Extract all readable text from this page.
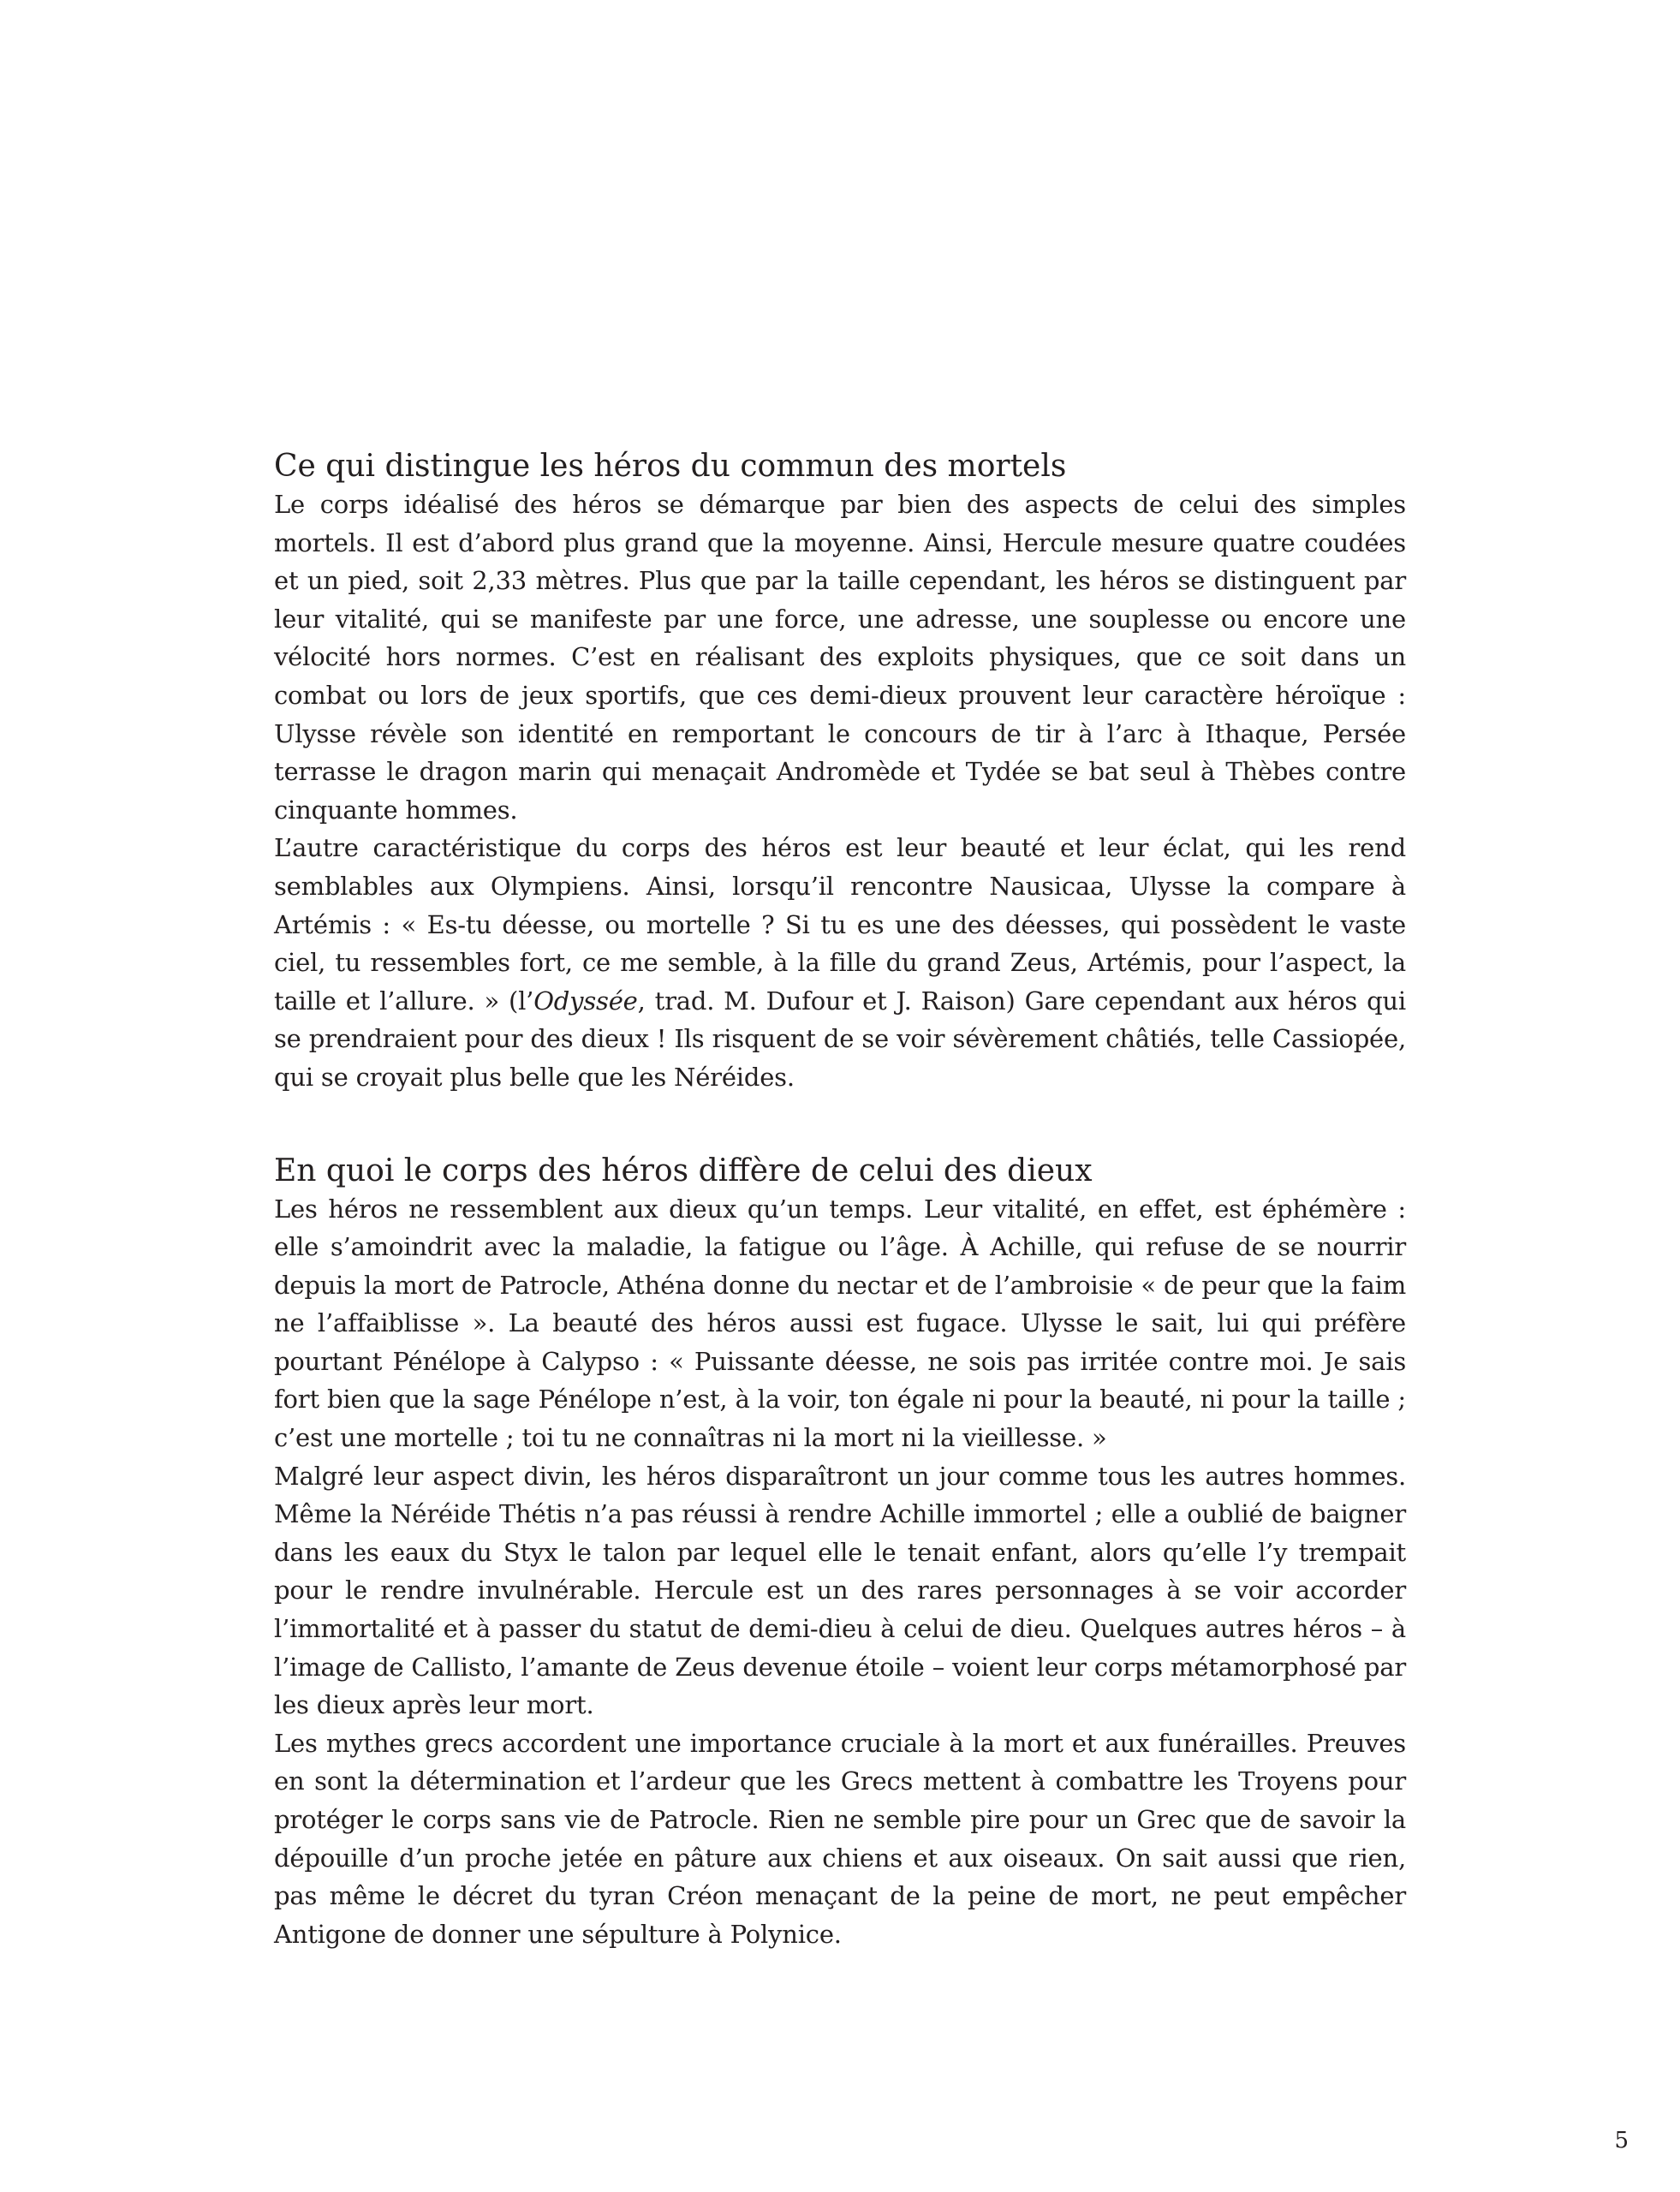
Ce qui distingue les héros du commun des mortels

Le corps idéalisé des héros se démarque par bien des aspects de celui des simples mortels. Il est d’abord plus grand que la moyenne. Ainsi, Hercule mesure quatre coudées et un pied, soit 2,33 mètres. Plus que par la taille cependant, les héros se distinguent par leur vitalité, qui se manifeste par une force, une adresse, une souplesse ou encore une vélocité hors normes. C’est en réalisant des exploits physiques, que ce soit dans un combat ou lors de jeux sportifs, que ces demi-dieux prouvent leur caractère héroïque : Ulysse révèle son identité en remportant le concours de tir à l’arc à Ithaque, Persée terrasse le dragon marin qui menaçait Andromède et Tydée se bat seul à Thèbes contre cinquante hommes.

L’autre caractéristique du corps des héros est leur beauté et leur éclat, qui les rend semblables aux Olympiens. Ainsi, lorsqu’il rencontre Nausicaa, Ulysse la compare à Artémis : « Es-tu déesse, ou mortelle ? Si tu es une des déesses, qui possèdent le vaste ciel, tu ressembles fort, ce me semble, à la fille du grand Zeus, Artémis, pour l’aspect, la taille et l’allure. » (l’Odyssée, trad. M. Dufour et J. Raison) Gare cependant aux héros qui se prendraient pour des dieux ! Ils risquent de se voir sévèrement châtiés, telle Cassiopée, qui se croyait plus belle que les Néréides.

En quoi le corps des héros diffère de celui des dieux

Les héros ne ressemblent aux dieux qu’un temps. Leur vitalité, en effet, est éphémère : elle s’amoindrit avec la maladie, la fatigue ou l’âge. À Achille, qui refuse de se nourrir depuis la mort de Patrocle, Athéna donne du nectar et de l’ambroisie « de peur que la faim ne l’affaiblisse ». La beauté des héros aussi est fugace. Ulysse le sait, lui qui préfère pourtant Pénélope à Calypso : « Puissante déesse, ne sois pas irritée contre moi. Je sais fort bien que la sage Pénélope n’est, à la voir, ton égale ni pour la beauté, ni pour la taille ; c’est une mortelle ; toi tu ne connaîtras ni la mort ni la vieillesse. »

Malgré leur aspect divin, les héros disparaîtront un jour comme tous les autres hommes. Même la Néréide Thétis n’a pas réussi à rendre Achille immortel ; elle a oublié de baigner dans les eaux du Styx le talon par lequel elle le tenait enfant, alors qu’elle l’y trempait pour le rendre invulnérable. Hercule est un des rares personnages à se voir accorder l’immortalité et à passer du statut de demi-dieu à celui de dieu. Quelques autres héros – à l’image de Callisto, l’amante de Zeus devenue étoile – voient leur corps métamorphosé par les dieux après leur mort.

Les mythes grecs accordent une importance cruciale à la mort et aux funérailles. Preuves en sont la détermination et l’ardeur que les Grecs mettent à combattre les Troyens pour protéger le corps sans vie de Patrocle. Rien ne semble pire pour un Grec que de savoir la dépouille d’un proche jetée en pâture aux chiens et aux oiseaux. On sait aussi que rien, pas même le décret du tyran Créon menaçant de la peine de mort, ne peut empêcher Antigone de donner une sépulture à Polynice.

5
